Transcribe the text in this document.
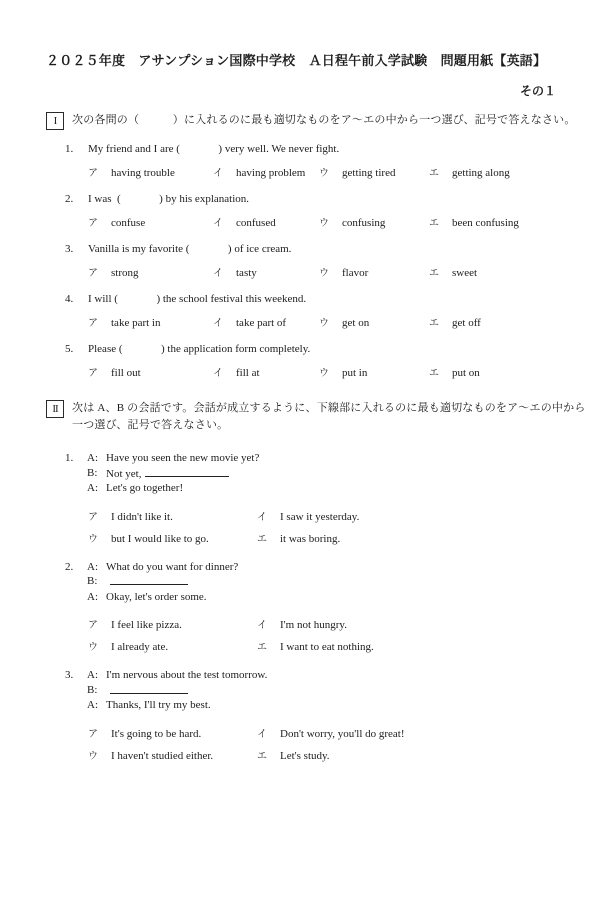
２０２５年度　アサンプション国際中学校　Ａ日程午前入学試験　問題用紙【英語】
その１
I	次の各問の（　　　）に入れるのに最も適切なものをア～エの中から一つ選び、記号で答えなさい。
1.	My friend and I are (              ) very well. We never fight.
ア having trouble	イ having problem ウ getting tired	エ getting along
2.	I was  (              ) by his explanation.
ア confuse	イ confused	ウ confusing	エ been confusing
3.	Vanilla is my favorite (              ) of ice cream.
ア strong	イ tasty	ウ flavor	エ sweet
4.	I will (              ) the school festival this weekend.
ア take part in	イ take part of	ウ get on	エ get off
5.	Please (              ) the application form completely.
ア fill out	イ fill at	ウ put in	エ put on
II	次は A、B の会話です。会話が成立するように、下線部に入れるのに最も適切なものをア～エの中から
一つ選び、記号で答えなさい。
1.	A: Have you seen the new movie yet?
B: Not yet,
A: Let's go together!
ア I didn't like it.	イ I saw it yesterday.
ウ but I would like to go.	エ it was boring.
2.	A: What do you want for dinner?
B:
A: Okay, let's order some.
ア I feel like pizza.	イ I'm not hungry.
ウ I already ate.	エ I want to eat nothing.
3.	A: I'm nervous about the test tomorrow.
B:
A: Thanks, I'll try my best.
ア It's going to be hard.	イ Don't worry, you'll do great!
ウ I haven't studied either.	エ Let's study.
